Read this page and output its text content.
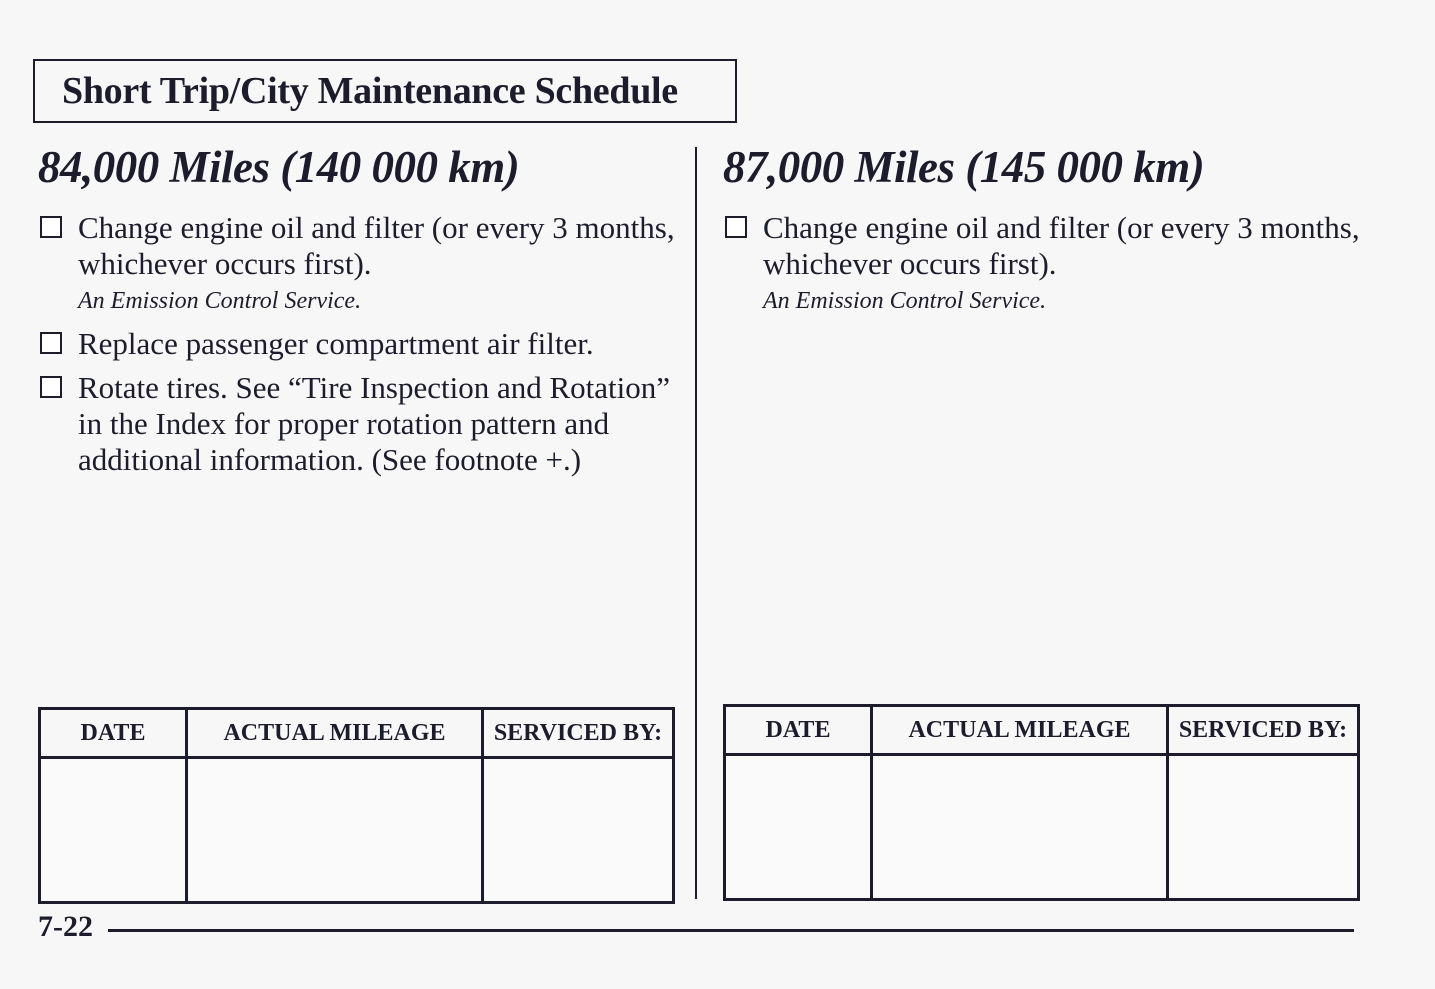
Short Trip/City Maintenance Schedule
84,000 Miles (140 000 km)
Change engine oil and filter (or every 3 months, whichever occurs first).
An Emission Control Service.
Replace passenger compartment air filter.
Rotate tires. See “Tire Inspection and Rotation” in the Index for proper rotation pattern and additional information. (See footnote +.)
DATE	ACTUAL MILEAGE	SERVICED BY:

87,000 Miles (145 000 km)
Change engine oil and filter (or every 3 months, whichever occurs first).
An Emission Control Service.
DATE	ACTUAL MILEAGE	SERVICED BY:

7-22
